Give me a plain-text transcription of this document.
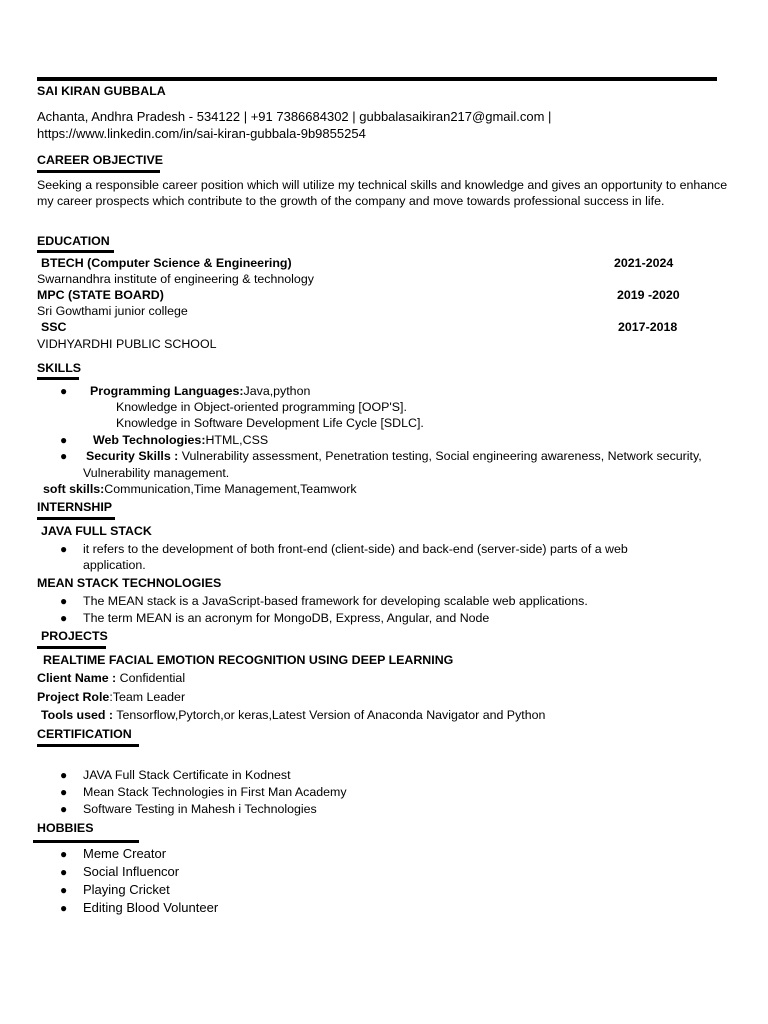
SAI KIRAN GUBBALA
Achanta, Andhra Pradesh - 534122 | +91 7386684302 | gubbalasaikiran217@gmail.com |
https://www.linkedin.com/in/sai-kiran-gubbala-9b9855254
CAREER OBJECTIVE
Seeking a responsible career position which will utilize my technical skills and knowledge and gives an opportunity to enhance my career prospects which contribute to the growth of the company and move towards professional success in life.
EDUCATION
BTECH (Computer Science & Engineering)	2021-2024
Swarnandhra institute of engineering & technology
MPC (STATE BOARD)	2019 -2020
Sri Gowthami junior college
SSC	2017-2018
VIDHYARDHI PUBLIC SCHOOL
SKILLS
● Programming Languages:Java,python
Knowledge in Object-oriented programming [OOP'S].
Knowledge in Software Development Life Cycle [SDLC].
● Web Technologies:HTML,CSS
● Security Skills : Vulnerability assessment, Penetration testing, Social engineering awareness, Network security,
Vulnerability management.
soft skills:Communication,Time Management,Teamwork
INTERNSHIP
JAVA FULL STACK
● it refers to the development of both front-end (client-side) and back-end (server-side) parts of a web
application.
MEAN STACK TECHNOLOGIES
● The MEAN stack is a JavaScript-based framework for developing scalable web applications.
● The term MEAN is an acronym for MongoDB, Express, Angular, and Node
PROJECTS
REALTIME FACIAL EMOTION RECOGNITION USING DEEP LEARNING
Client Name : Confidential
Project Role:Team Leader
Tools used : Tensorflow,Pytorch,or keras,Latest Version of Anaconda Navigator and Python
CERTIFICATION
● JAVA Full Stack Certificate in Kodnest
● Mean Stack Technologies in First Man Academy
● Software Testing in Mahesh i Technologies
HOBBIES
● Meme Creator
● Social Influencor
● Playing Cricket
● Editing Blood Volunteer
